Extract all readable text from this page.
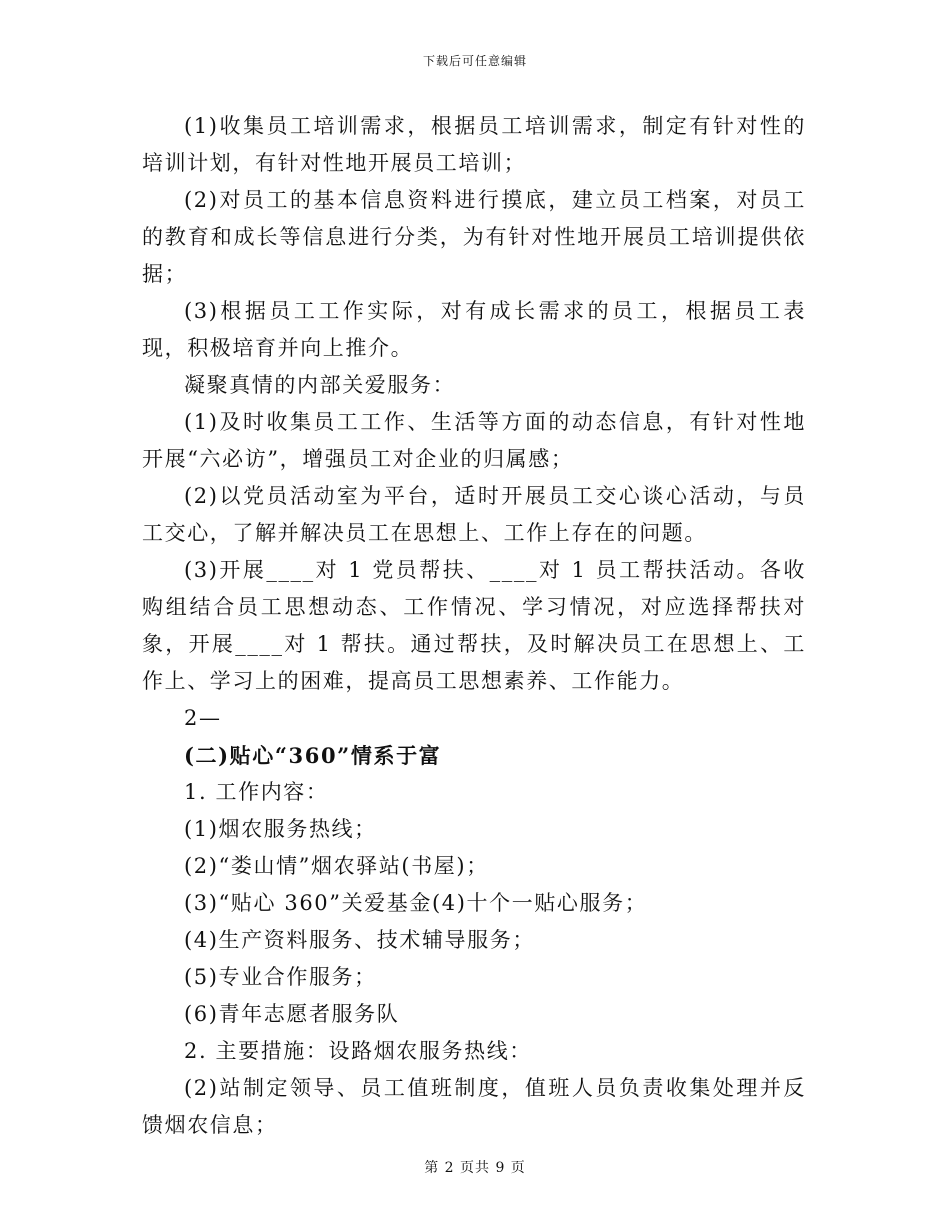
下载后可任意编辑

(1)收集员工培训需求，根据员工培训需求，制定有针对性的培训计划，有针对性地开展员工培训；

(2)对员工的基本信息资料进行摸底，建立员工档案，对员工的教育和成长等信息进行分类，为有针对性地开展员工培训提供依据；

(3)根据员工工作实际，对有成长需求的员工，根据员工表现，积极培育并向上推介。

凝聚真情的内部关爱服务：

(1)及时收集员工工作、生活等方面的动态信息，有针对性地开展“六必访”，增强员工对企业的归属感；

(2)以党员活动室为平台，适时开展员工交心谈心活动，与员工交心，了解并解决员工在思想上、工作上存在的问题。

(3)开展____对 1 党员帮扶、____对 1 员工帮扶活动。各收购组结合员工思想动态、工作情况、学习情况，对应选择帮扶对象，开展____对 1 帮扶。通过帮扶，及时解决员工在思想上、工作上、学习上的困难，提高员工思想素养、工作能力。

2—

(二)贴心“360”情系于富

1. 工作内容：

(1)烟农服务热线；

(2)“娄山情”烟农驿站(书屋)；

(3)“贴心 360”关爱基金(4)十个一贴心服务；

(4)生产资料服务、技术辅导服务；

(5)专业合作服务；

(6)青年志愿者服务队

2. 主要措施：设路烟农服务热线：

(2)站制定领导、员工值班制度，值班人员负责收集处理并反馈烟农信息；

第 2 页共 9 页
